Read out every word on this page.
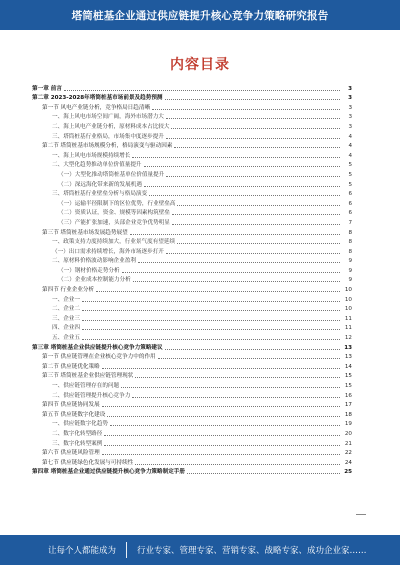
塔筒桩基企业通过供应链提升核心竞争力策略研究报告
内容目录
第一章 前言	3
第二章 2023-2028年塔筒桩基市场前景及趋势预测	3
第一节 风电产业链分析，竞争格局日趋清晰	3
一、海上风电市场空间广阔，海外市场潜力大	3
二、海上风电产业链分析，原材料成本占比较大	3
三、塔筒桩基行业格局，市场集中度逐步提升	4
第二节 塔筒桩基市场规模分析，格局演变与驱动因素	4
一、海上风电市场规模持续增长	4
二、大型化趋势推动单位价值量提升	5
（一）大型化推动塔筒桩基单位价值量提升	5
（二）深远海化带来新的发展机遇	5
三、塔筒桩基行业壁垒分析与格局演变	6
（一）运输半径限制下的区位优势，行业壁垒高	6
（二）资质认证，资金、规模等因素构筑壁垒	6
（三）产能扩张加速，头部企业竞争优势明显	7
第三节 塔筒桩基市场发展趋势展望	8
一、政策支持力度持续加大，行业景气度有望延续	8
（一）出口需求持续增长，海外市场逐步打开	8
二、原材料价格波动影响企业盈利	9
（一）钢材价格走势分析	9
（二）企业成本控制能力分析	9
第四节 行业企业分析	10
一、企业一	10
二、企业二	10
三、企业三	11
四、企业四	11
五、企业五	12
第三章 塔筒桩基企业供应链提升核心竞争力策略建议	13
第一节 供应链管理在企业核心竞争力中的作用	13
第二节 供应链优化策略	14
第三节 塔筒桩基企业供应链管理现状	15
一、供应链管理存在的问题	15
二、供应链管理提升核心竞争力	16
第四节 供应链协同发展	17
第五节 供应链数字化建设	18
一、供应链数字化趋势	19
二、数字化转型路径	20
三、数字化转型案例	21
第六节 供应链风险管理	22
第七节 供应链绿色化发展与可持续性	24
第四章 塔筒桩基企业通过供应链提升核心竞争力策略制定手册	25
让每个人都能成为 行业专家、管理专家、营销专家、战略专家、成功企业家……
